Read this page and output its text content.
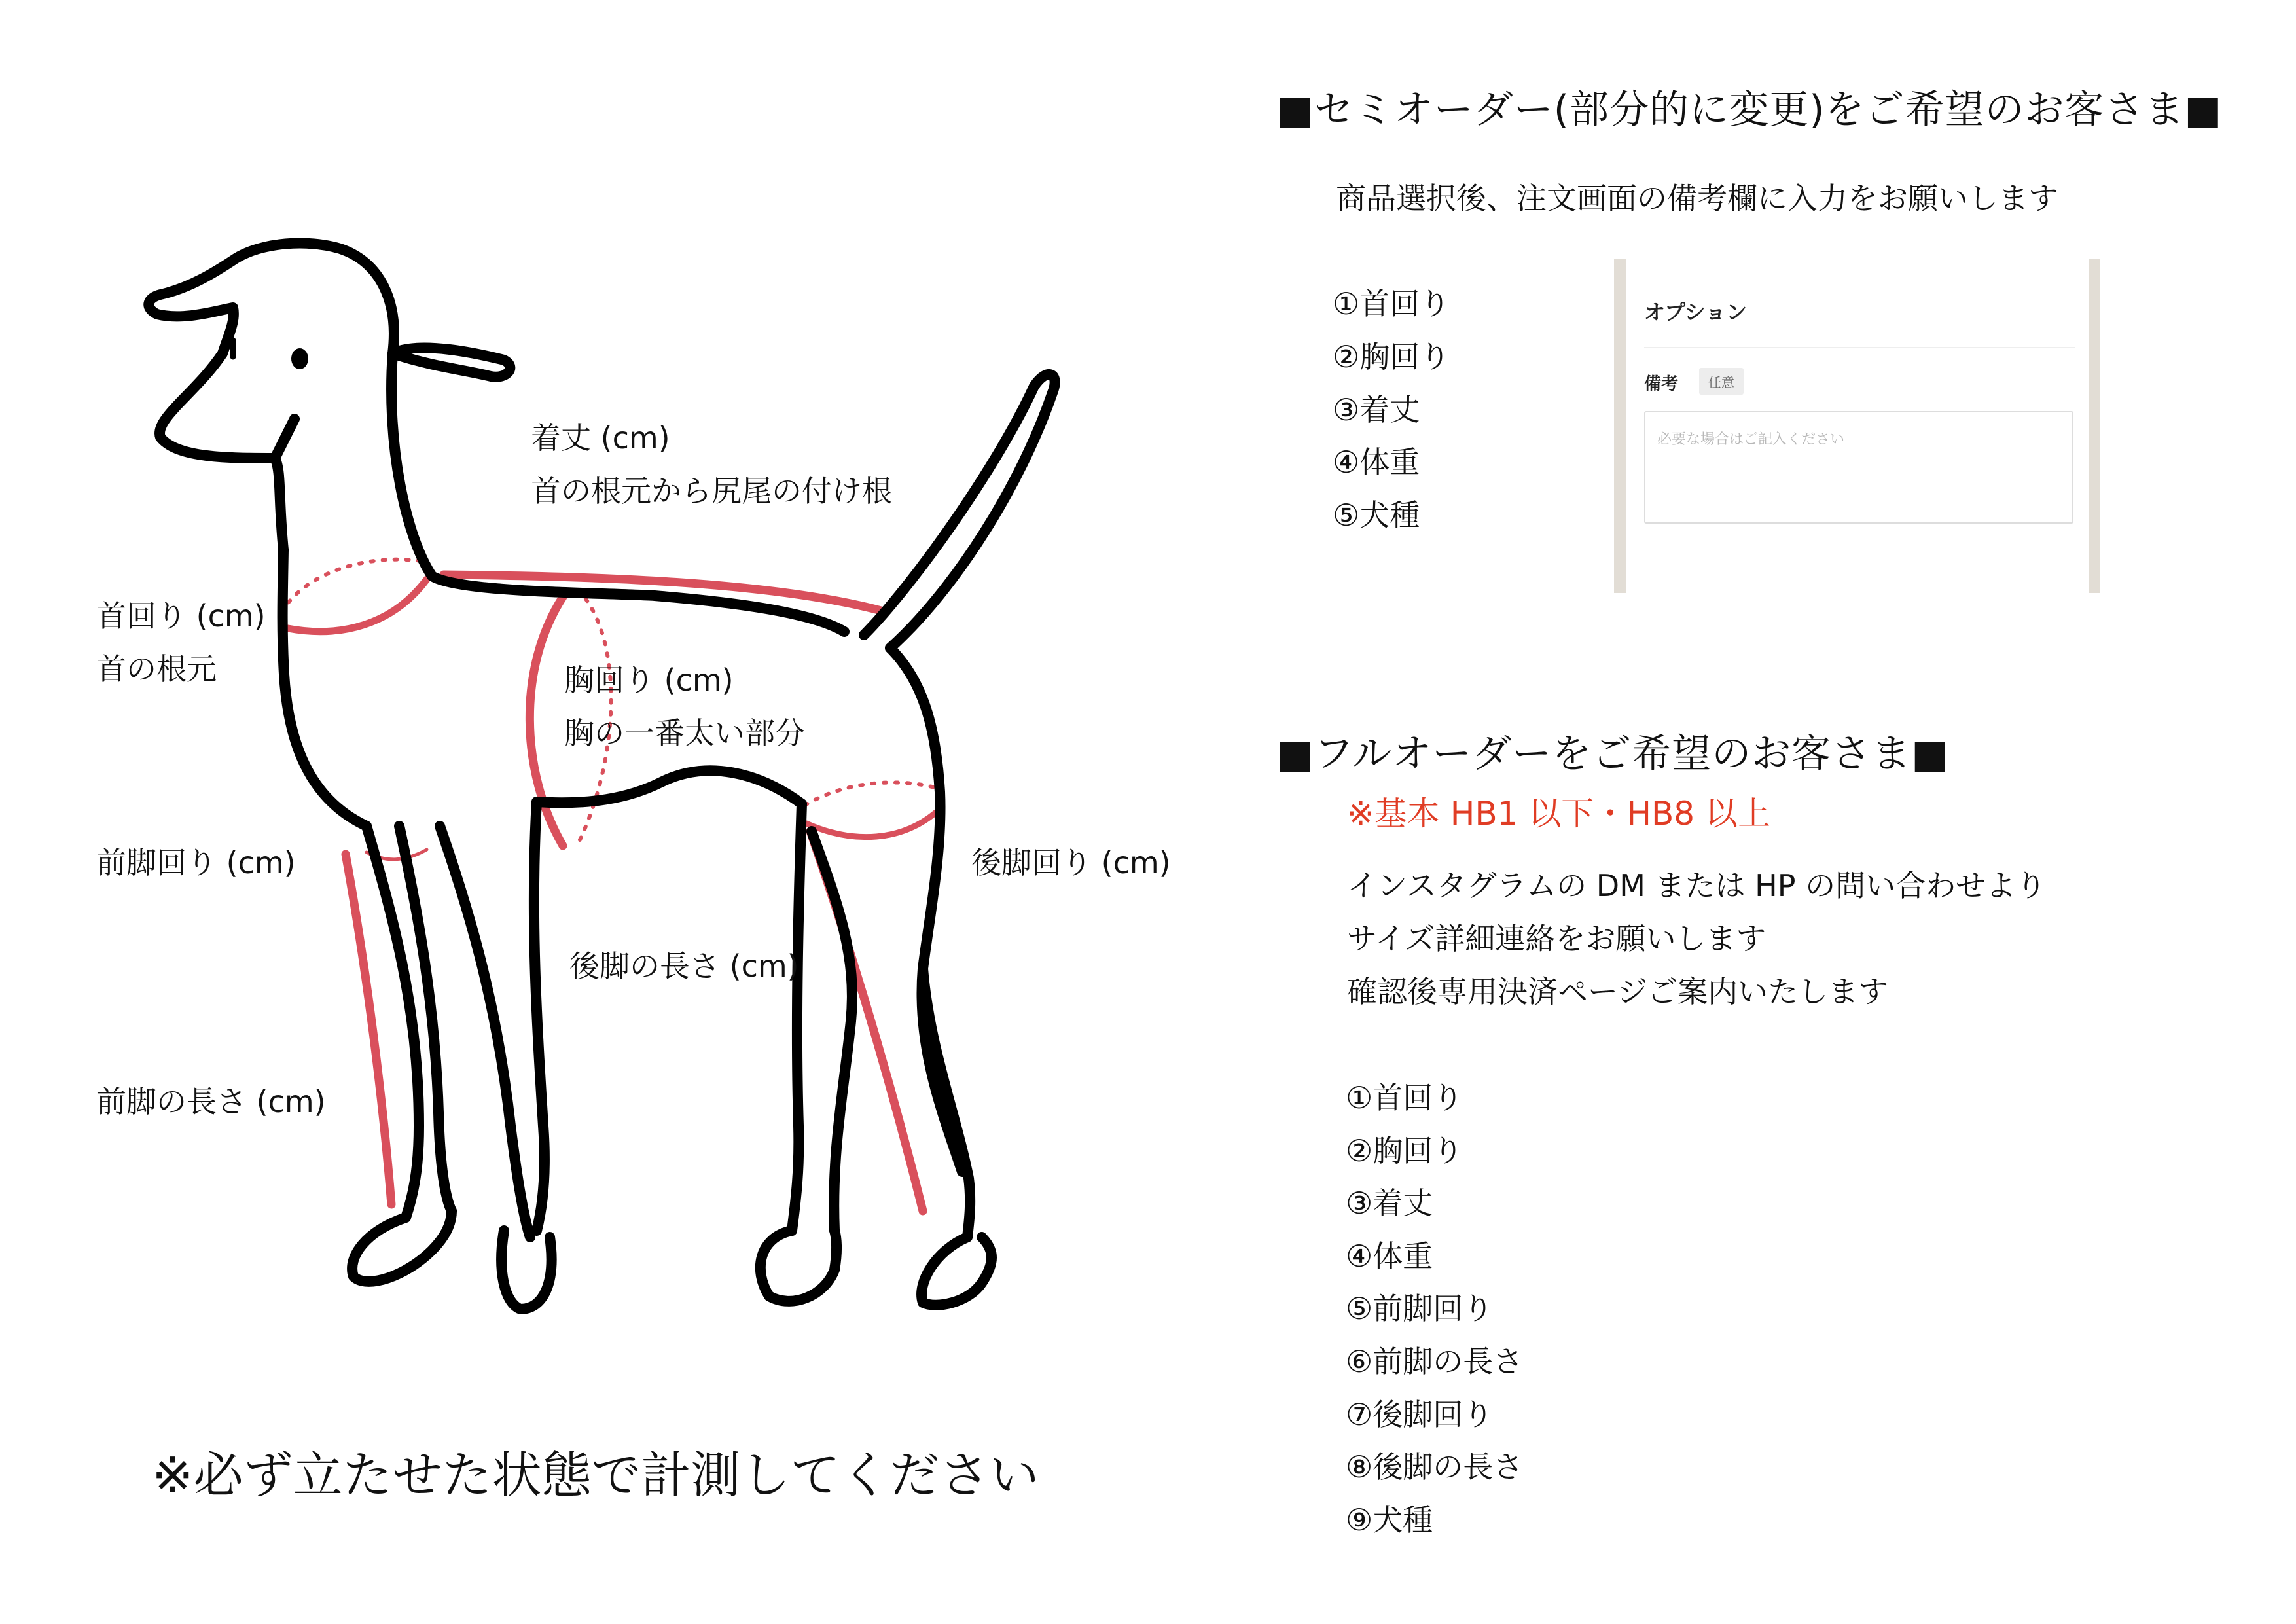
着丈 (cm)
首の根元から尻尾の付け根
首回り (cm)
首の根元	胸回り (cm)
胸の一番太い部分
前脚回り (cm)	後脚回り (cm)
後脚の長さ (cm)
前脚の長さ (cm)
※必ず立たせた状態で計測してください
■セミオーダー(部分的に変更)をご希望のお客さま■
商品選択後、注文画面の備考欄に入力をお願いします
①首回り
②胸回り
③着丈
④体重
⑤犬種
オプション
備考	任意
必要な場合はご記入ください
■フルオーダーをご希望のお客さま■
※基本 HB1 以下・HB8 以上
インスタグラムの DM または HP の問い合わせより
サイズ詳細連絡をお願いします
確認後専用決済ページご案内いたします
①首回り
②胸回り
③着丈
④体重
⑤前脚回り
⑥前脚の長さ
⑦後脚回り
⑧後脚の長さ
⑨犬種
